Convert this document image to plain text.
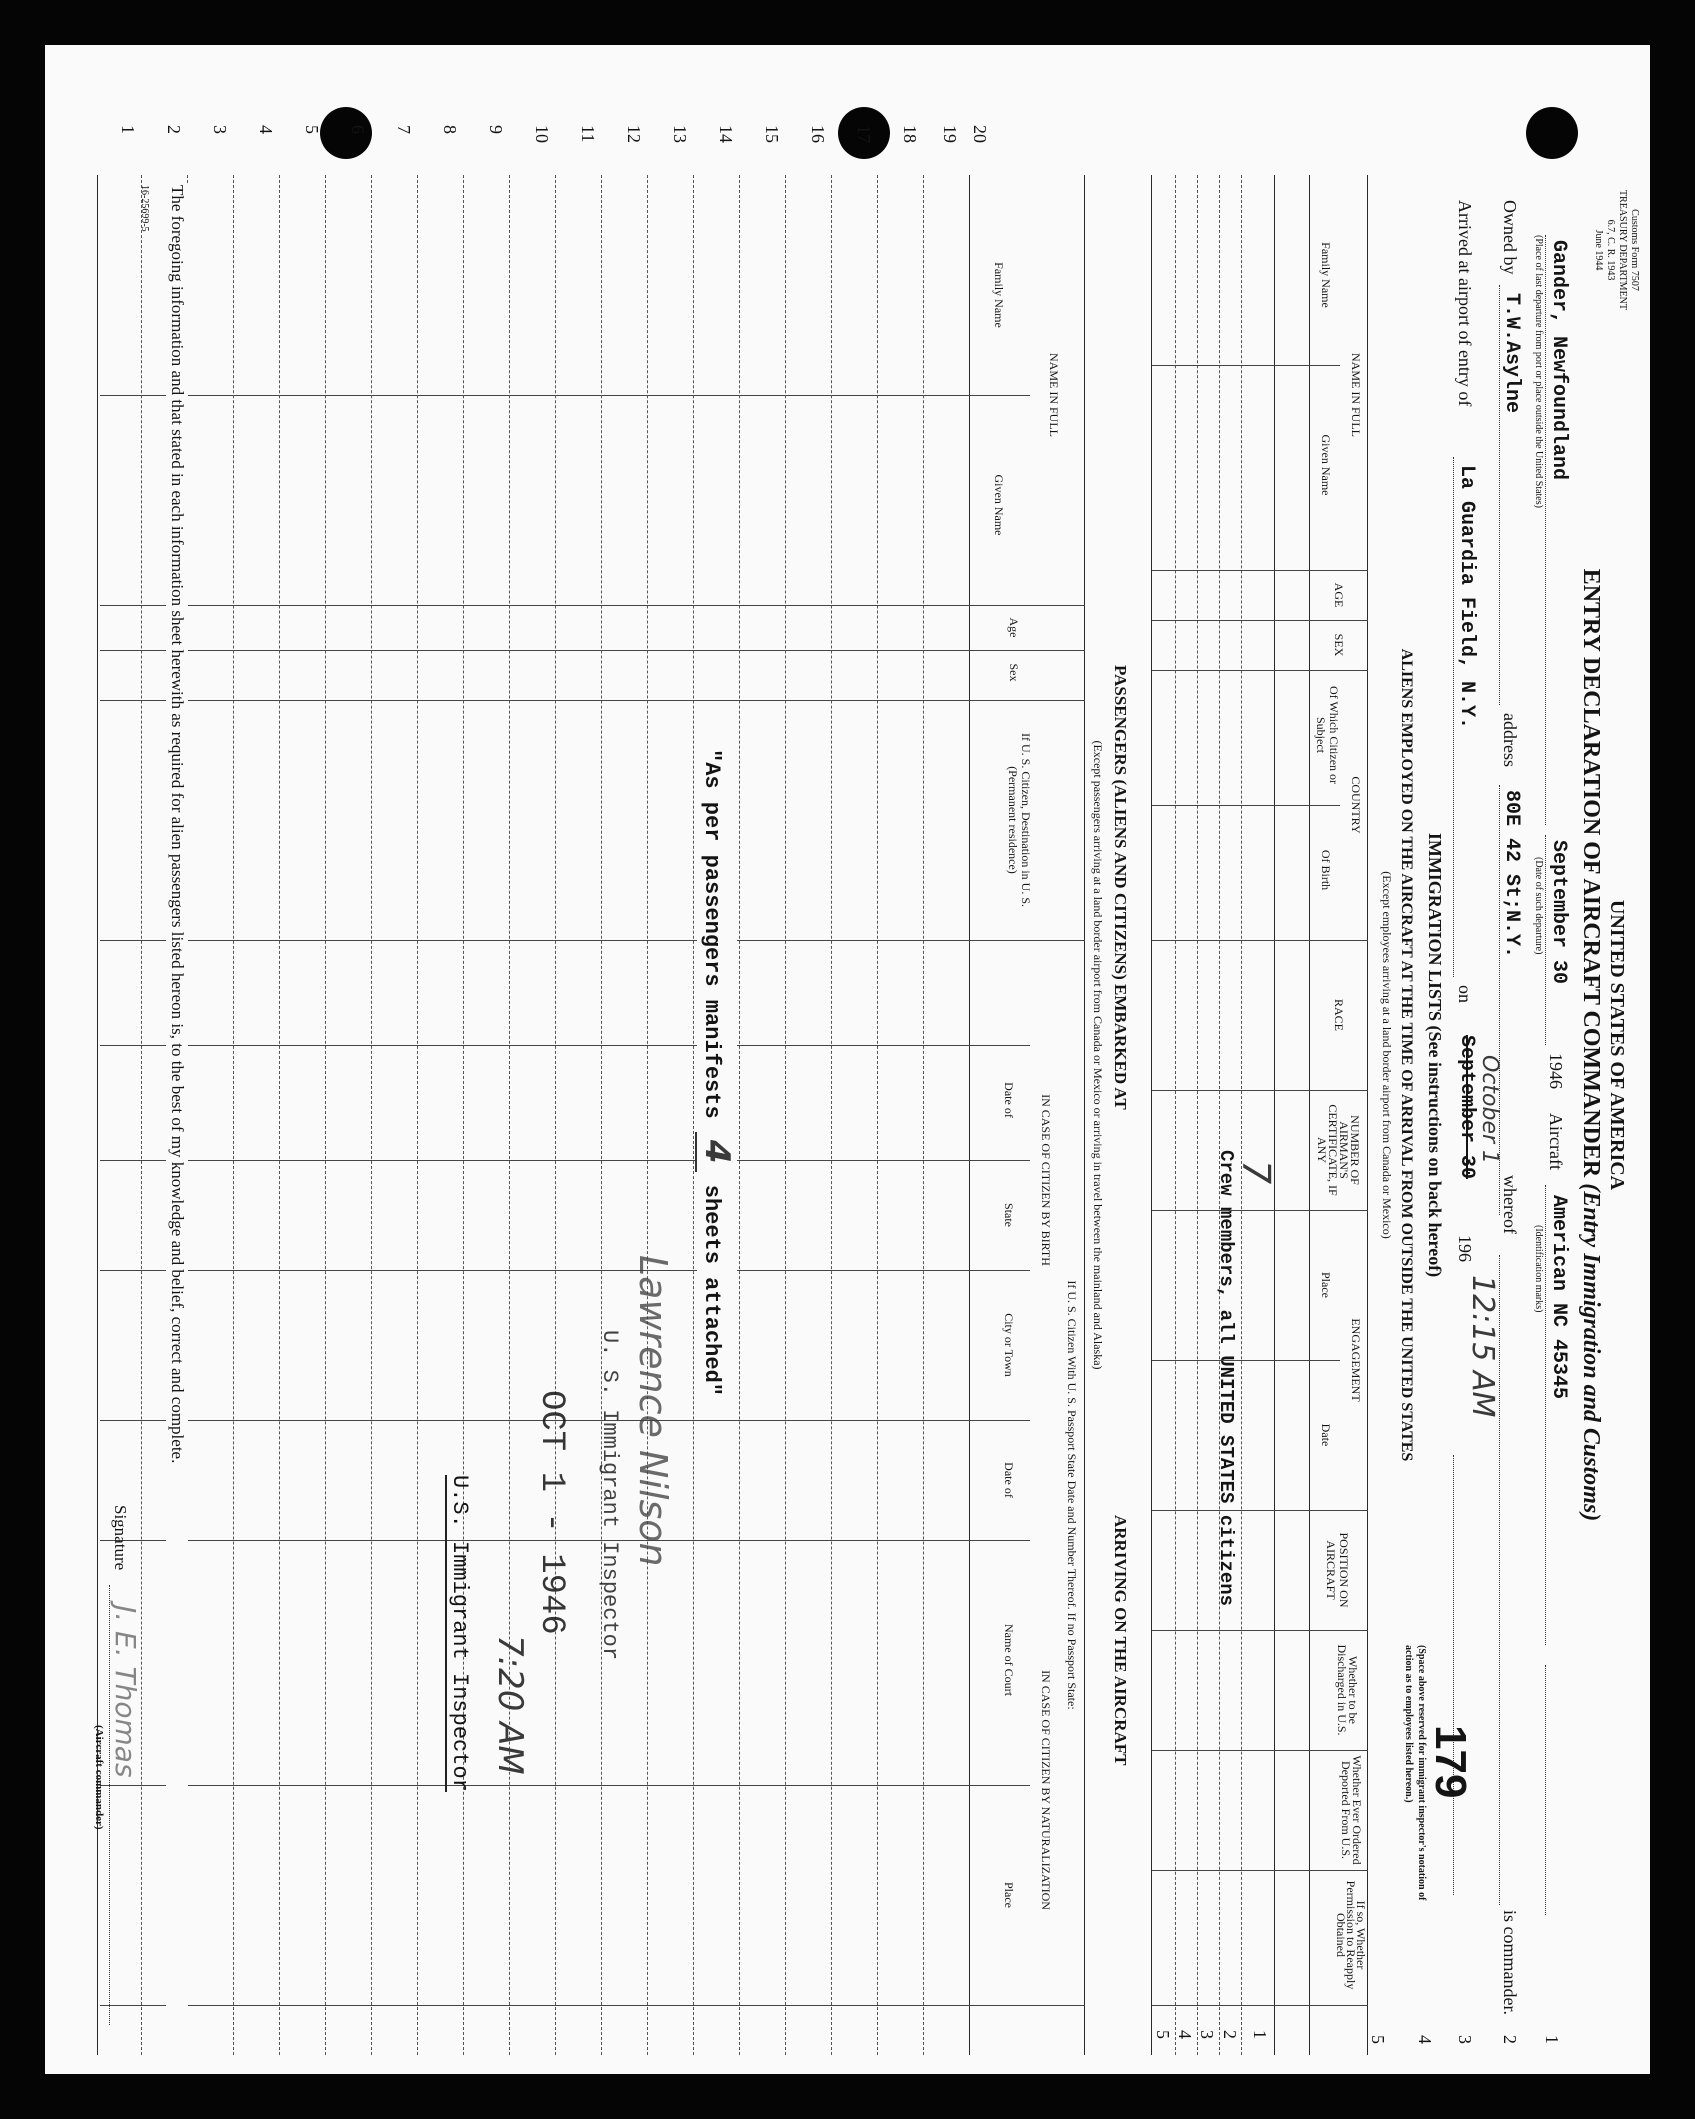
Customs Form 7507
TREASURY DEPARTMENT
6.7, C. R. 1943
June 1944
UNITED STATES OF AMERICA
ENTRY DECLARATION OF AIRCRAFT COMMANDER (Entry Immigration and Customs)
Gander, Newfoundland
(Place of last departure from port or place outside the United States)
September 30
(Date of such departure)
1946
Aircraft
American NC 45345
(Identification marks)
1
Owned by
T.W.Asylne
address
80E 42 St;N.Y.
whereof
is commander.
2
Arrived at airport of entry of
La Guardia Field, N.Y.
on
September 30 October 1
196
12:15 AM
3
IMMIGRATION LISTS (See instructions on back hereof)
4
5
ALIENS EMPLOYED ON THE AIRCRAFT AT THE TIME OF ARRIVAL FROM OUTSIDE THE UNITED STATES
(Except employees arriving at a land border airport from Canada or Mexico)
(Space above reserved for immigrant inspector's notation of action as to employees listed hereon.) 179
NAME IN FULL
Family Name
Given Name
AGE
SEX
COUNTRY
Of Which Citizen or Subject
Of Birth
RACE
NUMBER OF AIRMAN'S CERTIFICATE, IF ANY
ENGAGEMENT
Place
Date
POSITION ON AIRCRAFT
Whether to be Discharged in U.S.
Whether Ever Ordered Deported From U.S.
If so, Whether Permission to Reapply Obtained
1
2
3
4
5
7
Crew members, all UNITED STATES citizens
PASSENGERS (ALIENS AND CITIZENS) EMBARKED AT
ARRIVING ON THE AIRCRAFT
(Except passengers arriving at a land border airport from Canada or Mexico or arriving in travel between the mainland and Alaska)
NAME IN FULL
Family Name
Given Name
Age
Sex
If U. S. Citizen, Destination in U. S. (Permanent residence)
If U. S. Citizen With U. S. Passport State Date and Number Thereof. If no Passport State:
IN CASE OF CITIZEN BY BIRTH
IN CASE OF CITIZEN BY NATURALIZATION
Date of
State
City or Town
Date of
Name of Court
Place
1 2 3 4 5 6 7 8 9 10 11 12 13 14 15 16 17 18 19 20
"As per passengers manifests 4 sheets attached"
Lawrence Nilson
U. S. Immigrant Inspector
OCT 1 - 1946
7:20 AM
U.S. Immigrant Inspector
The foregoing information and that stated in each information sheet herewith as required for alien passengers listed hereon is, to the best of my knowledge and belief, correct and complete.
Signature
J. E. Thomas
(Aircraft commander)
16-25699-5
